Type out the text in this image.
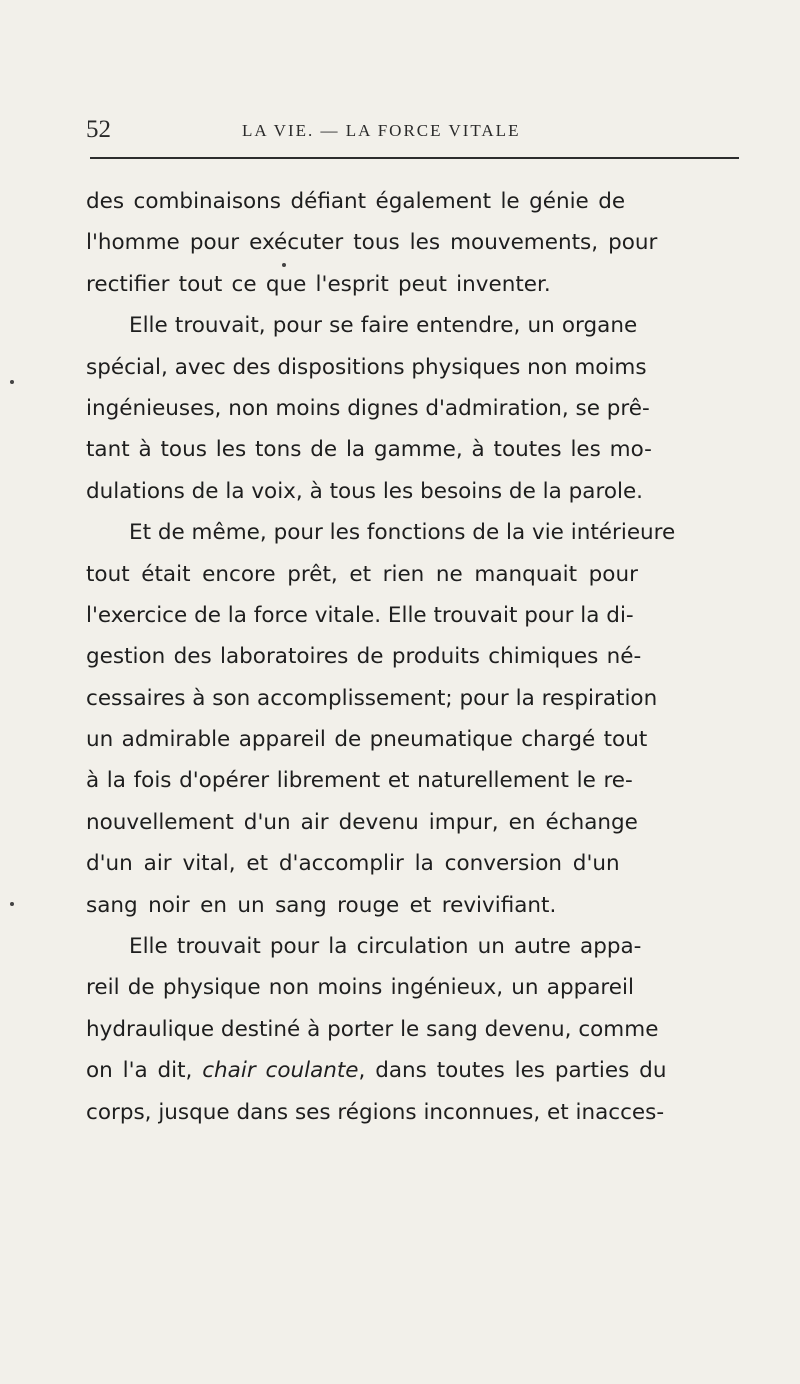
52	LA VIE. — LA FORCE VITALE
des combinaisons défiant également le génie de
l'homme pour exécuter tous les mouvements, pour
rectifier tout ce que l'esprit peut inventer.
Elle trouvait, pour se faire entendre, un organe
spécial, avec des dispositions physiques non moims
ingénieuses, non moins dignes d'admiration, se prê-
tant à tous les tons de la gamme, à toutes les mo-
dulations de la voix, à tous les besoins de la parole.
Et de même, pour les fonctions de la vie intérieure
tout était encore prêt, et rien ne manquait pour
l'exercice de la force vitale. Elle trouvait pour la di-
gestion des laboratoires de produits chimiques né-
cessaires à son accomplissement; pour la respiration
un admirable appareil de pneumatique chargé tout
à la fois d'opérer librement et naturellement le re-
nouvellement d'un air devenu impur, en échange
d'un air vital, et d'accomplir la conversion d'un
sang noir en un sang rouge et revivifiant.
Elle trouvait pour la circulation un autre appa-
reil de physique non moins ingénieux, un appareil
hydraulique destiné à porter le sang devenu, comme
on l'a dit, chair coulante, dans toutes les parties du
corps, jusque dans ses régions inconnues, et inacces-
